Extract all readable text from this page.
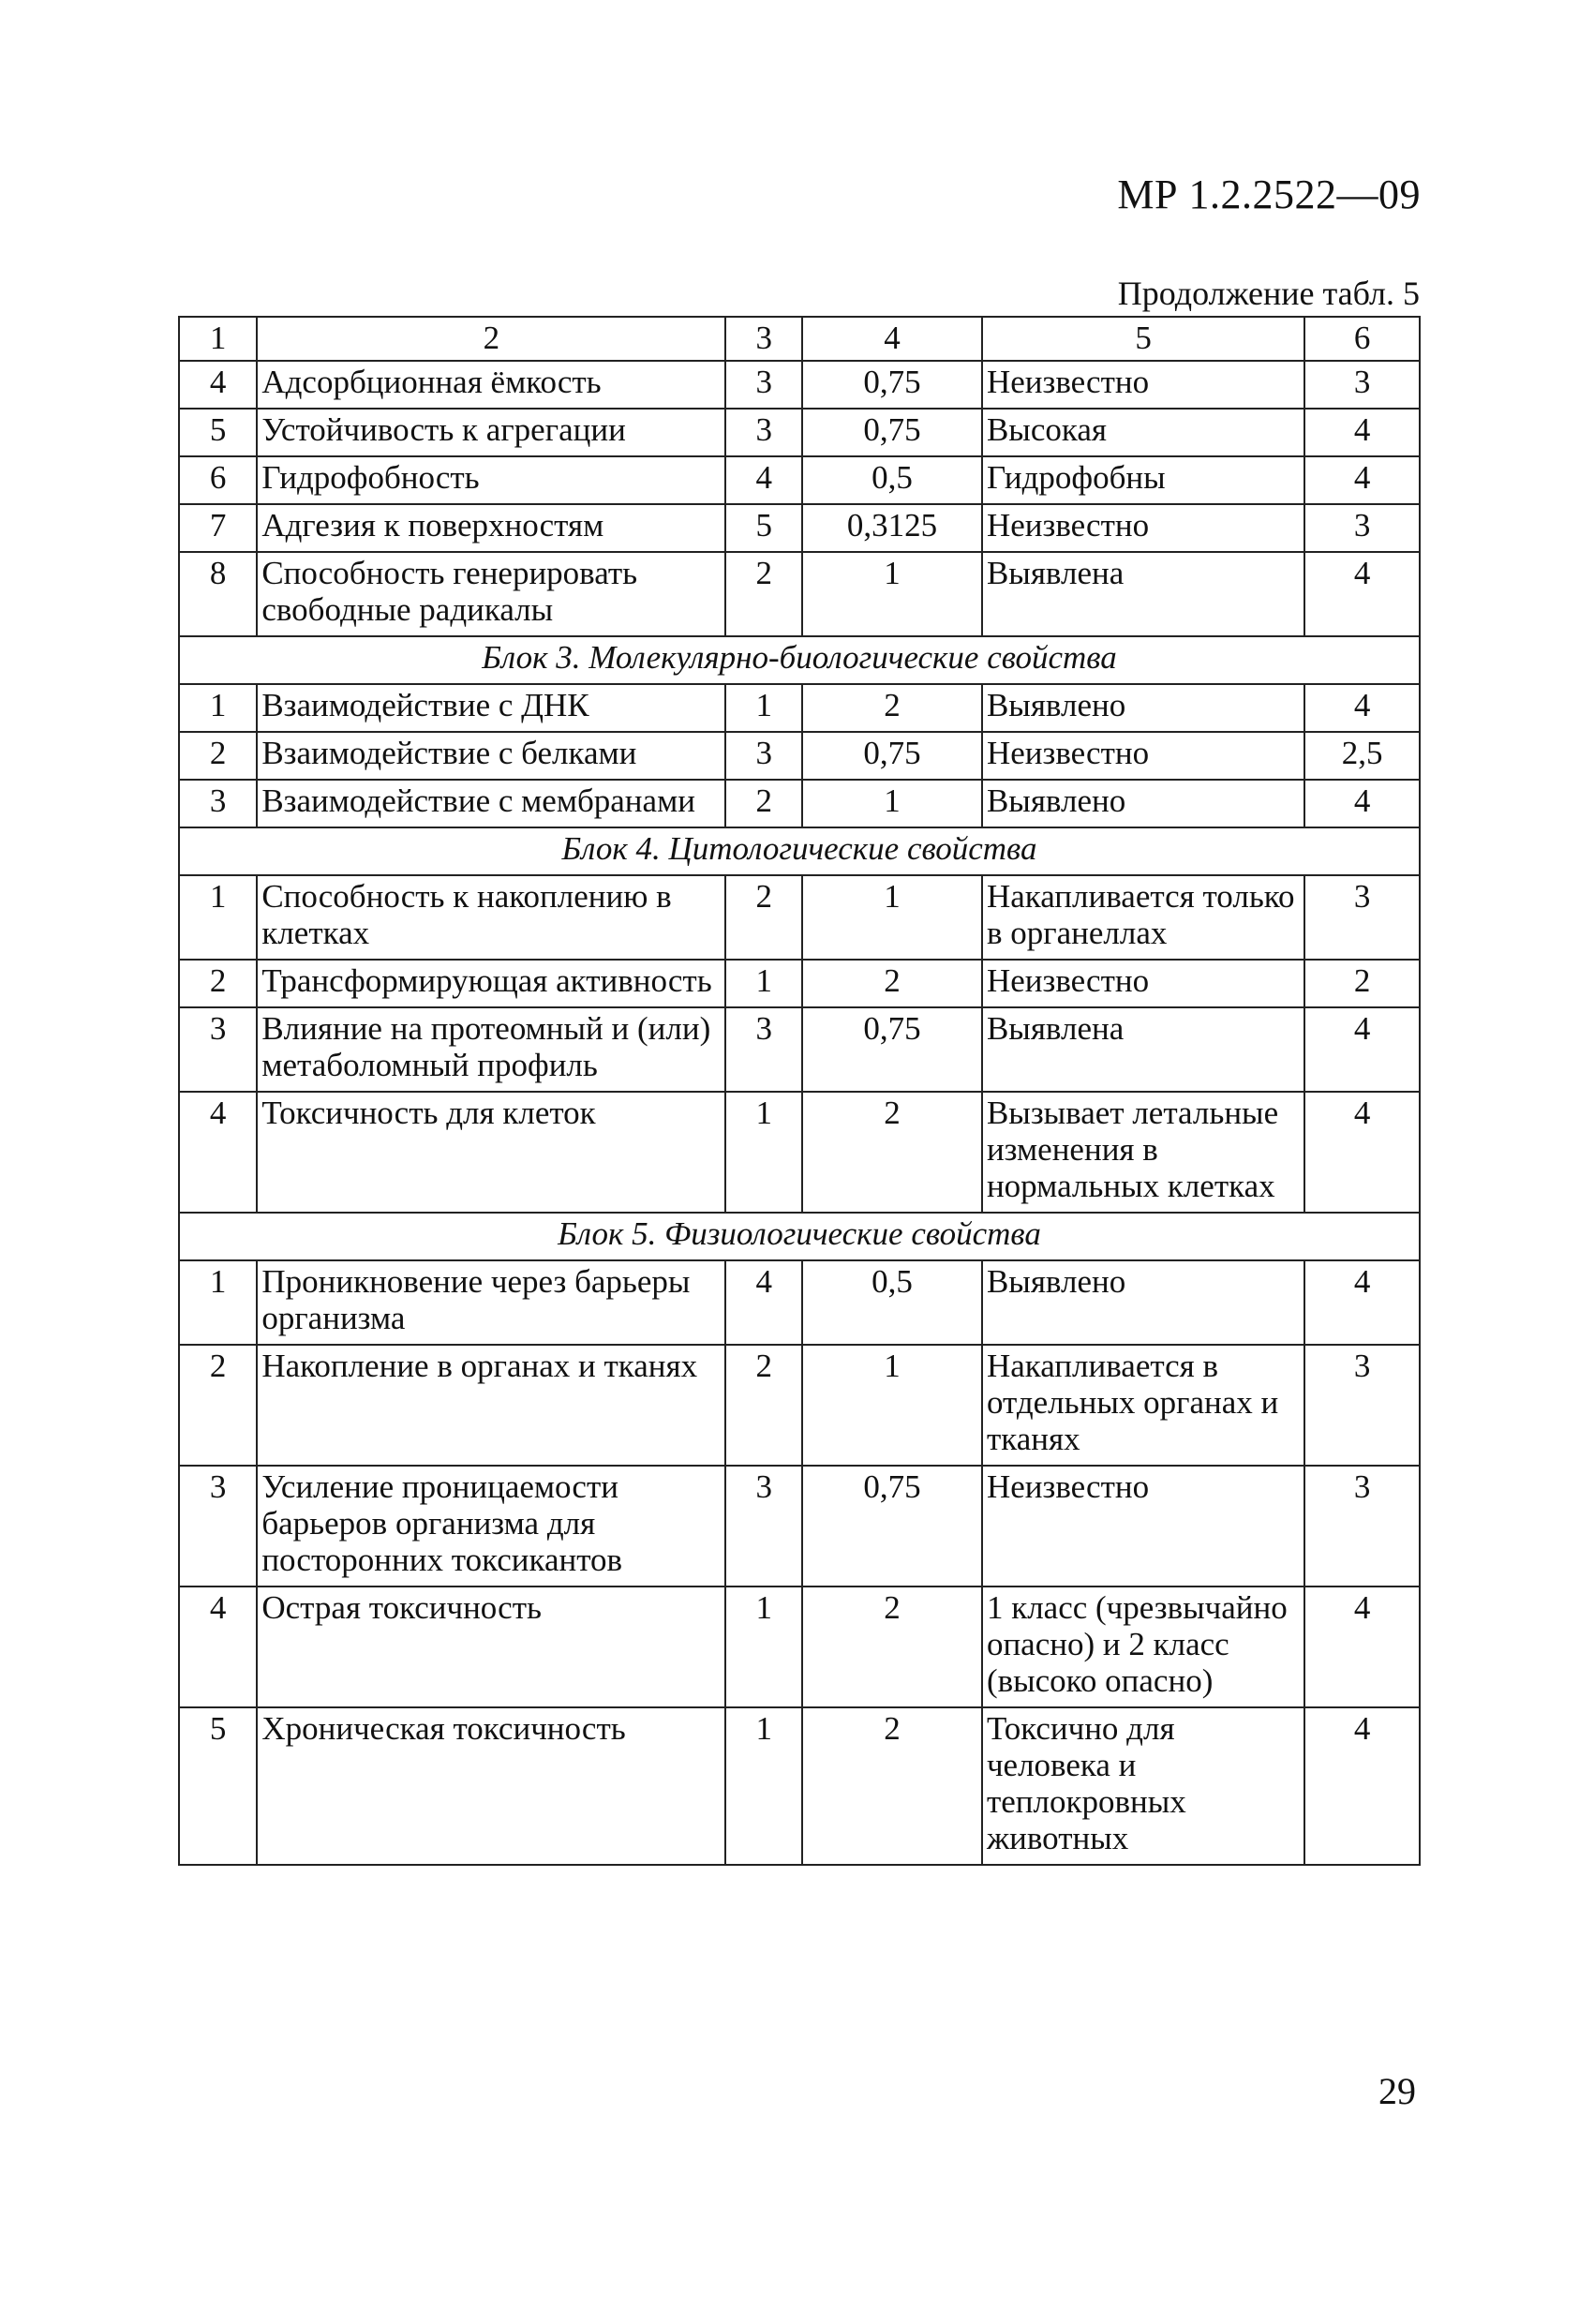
МР 1.2.2522—09
Продолжение табл. 5
1	2	3	4	5	6
4	Адсорбционная ёмкость	3	0,75	Неизвестно	3
5	Устойчивость к агрегации	3	0,75	Высокая	4
6	Гидрофобность	4	0,5	Гидрофобны	4
7	Адгезия к поверхностям	5	0,3125	Неизвестно	3
8	Способность генерировать свободные радикалы	2	1	Выявлена	4
Блок 3. Молекулярно-биологические свойства					
1	Взаимодействие с ДНК	1	2	Выявлено	4
2	Взаимодействие с белками	3	0,75	Неизвестно	2,5
3	Взаимодействие с мембранами	2	1	Выявлено	4
Блок 4. Цитологические свойства					
1	Способность к накоплению в клетках	2	1	Накапливается только в органеллах	3
2	Трансформирующая активность	1	2	Неизвестно	2
3	Влияние на протеомный и (или) метаболомный профиль	3	0,75	Выявлена	4
4	Токсичность для клеток	1	2	Вызывает летальные изменения в нормальных клетках	4
Блок 5. Физиологические свойства					
1	Проникновение через барьеры организма	4	0,5	Выявлено	4
2	Накопление в органах и тканях	2	1	Накапливается в отдельных органах и тканях	3
3	Усиление проницаемости барьеров организма для посторонних токсикантов	3	0,75	Неизвестно	3
4	Острая токсичность	1	2	1 класс (чрезвычайно опасно) и 2 класс (высоко опасно)	4
5	Хроническая токсичность	1	2	Токсично для человека и теплокровных животных	4
29
